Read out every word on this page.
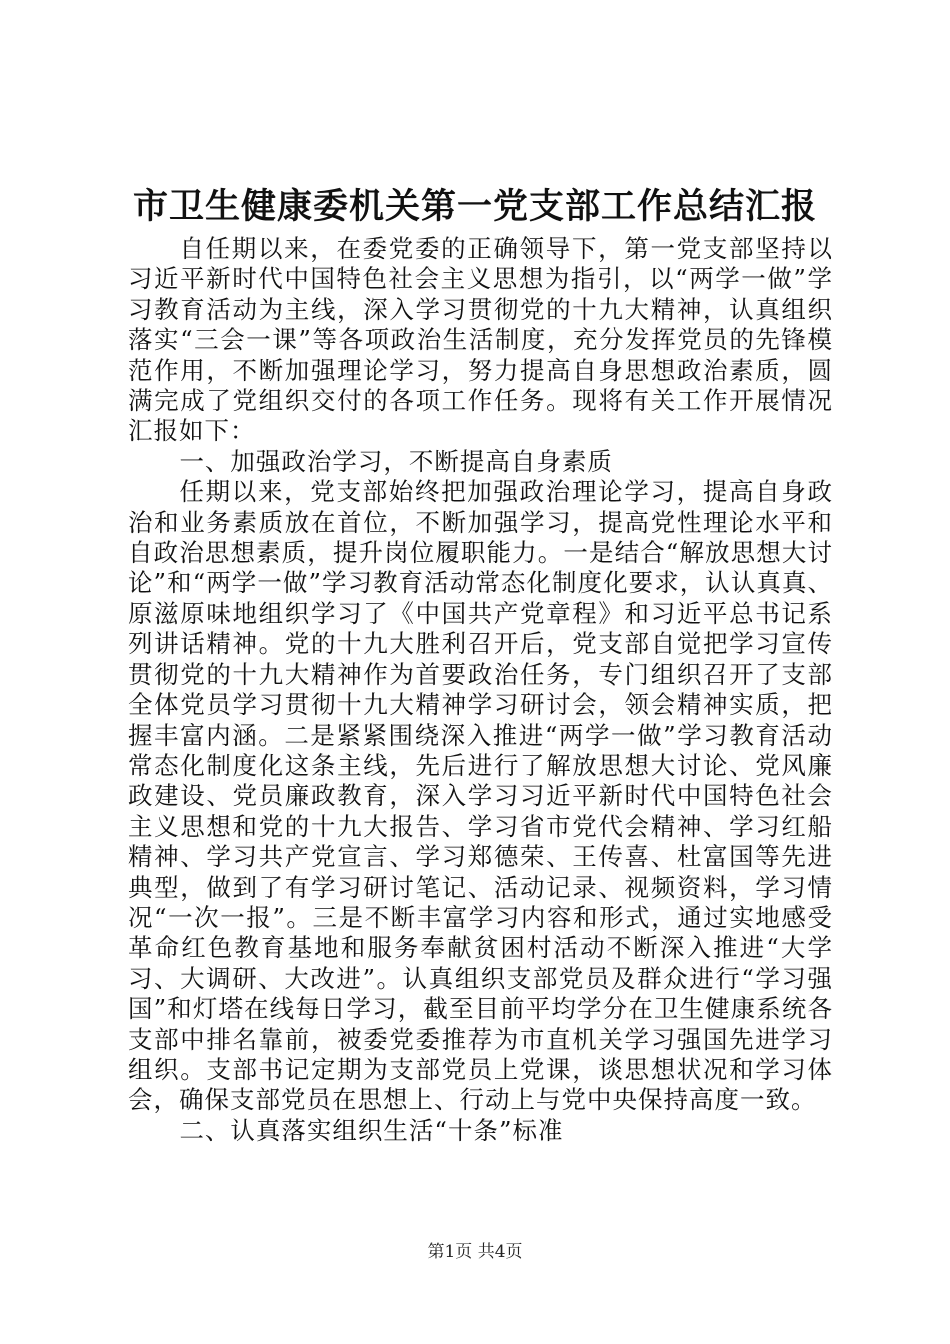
市卫生健康委机关第一党支部工作总结汇报

自任期以来，在委党委的正确领导下，第一党支部坚持以习近平新时代中国特色社会主义思想为指引，以“两学一做”学习教育活动为主线，深入学习贯彻党的十九大精神，认真组织落实“三会一课”等各项政治生活制度，充分发挥党员的先锋模范作用，不断加强理论学习，努力提高自身思想政治素质，圆满完成了党组织交付的各项工作任务。现将有关工作开展情况汇报如下：

一、加强政治学习，不断提高自身素质

任期以来，党支部始终把加强政治理论学习，提高自身政治和业务素质放在首位，不断加强学习，提高党性理论水平和自政治思想素质，提升岗位履职能力。一是结合“解放思想大讨论”和“两学一做”学习教育活动常态化制度化要求，认认真真、原滋原味地组织学习了《中国共产党章程》和习近平总书记系列讲话精神。党的十九大胜利召开后，党支部自觉把学习宣传贯彻党的十九大精神作为首要政治任务，专门组织召开了支部全体党员学习贯彻十九大精神学习研讨会，领会精神实质，把握丰富内涵。二是紧紧围绕深入推进“两学一做”学习教育活动常态化制度化这条主线，先后进行了解放思想大讨论、党风廉政建设、党员廉政教育，深入学习习近平新时代中国特色社会主义思想和党的十九大报告、学习省市党代会精神、学习红船精神、学习共产党宣言、学习郑德荣、王传喜、杜富国等先进典型，做到了有学习研讨笔记、活动记录、视频资料，学习情况“一次一报”。三是不断丰富学习内容和形式，通过实地感受革命红色教育基地和服务奉献贫困村活动不断深入推进“大学习、大调研、大改进”。认真组织支部党员及群众进行“学习强国”和灯塔在线每日学习，截至目前平均学分在卫生健康系统各支部中排名靠前，被委党委推荐为市直机关学习强国先进学习组织。支部书记定期为支部党员上党课，谈思想状况和学习体会，确保支部党员在思想上、行动上与党中央保持高度一致。

二、认真落实组织生活“十条”标准

第1页 共4页
